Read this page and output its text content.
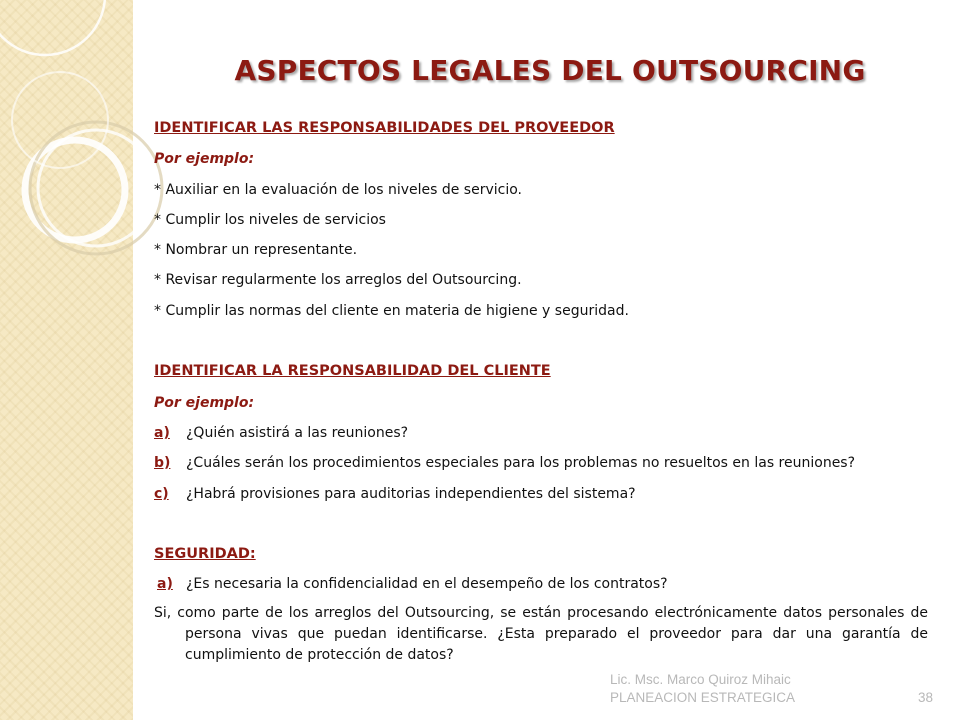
ASPECTOS LEGALES DEL OUTSOURCING
IDENTIFICAR LAS RESPONSABILIDADES DEL PROVEEDOR
Por ejemplo:
* Auxiliar en la evaluación de los niveles de servicio.
* Cumplir los niveles de servicios
* Nombrar un representante.
* Revisar regularmente los arreglos del Outsourcing.
* Cumplir las normas del cliente en materia de higiene y seguridad.
IDENTIFICAR LA RESPONSABILIDAD DEL CLIENTE
Por ejemplo:
a) ¿Quién asistirá a las reuniones?
b) ¿Cuáles serán los procedimientos especiales para los problemas no resueltos en las reuniones?
c) ¿Habrá provisiones para auditorias independientes del sistema?
SEGURIDAD:
a) ¿Es necesaria la confidencialidad en el desempeño de los contratos?
Si, como parte de los arreglos del Outsourcing, se están procesando electrónicamente datos personales de persona vivas que puedan identificarse. ¿Esta preparado el proveedor para dar una garantía de cumplimiento de protección de datos?
Lic. Msc. Marco Quiroz Mihaic
PLANEACION ESTRATEGICA	38
